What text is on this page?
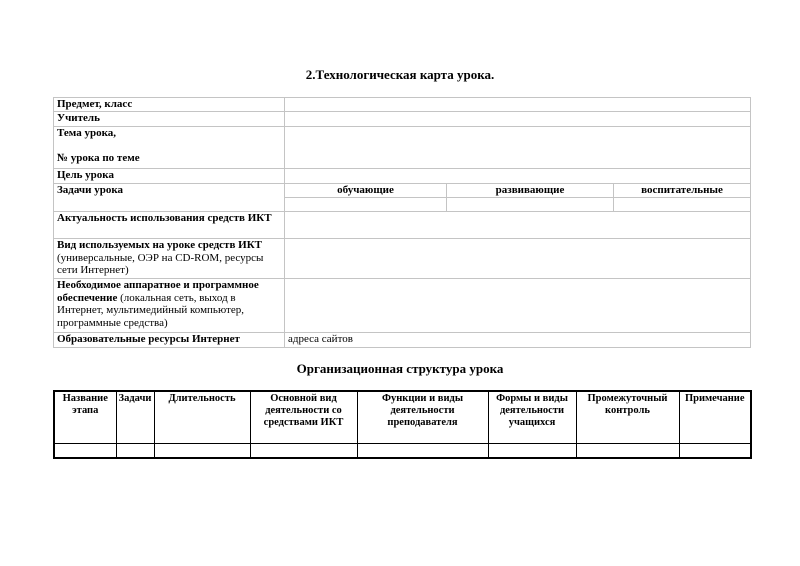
2.Технологическая карта урока.
Предмет, класс			
Учитель			
Тема урока,

№ урока по теме			
Цель урока			
Задачи урока	обучающие	развивающие	воспитательные

Актуальность использования средств ИКТ			
Вид используемых на уроке средств ИКТ
(универсальные, ОЭР на CD-ROM, ресурсы сети Интернет)			
Необходимое аппаратное и программное обеспечение (локальная сеть, выход в Интернет, мультимедийный компьютер, программные средства)			
Образовательные ресурсы Интернет	адреса сайтов		
Организационная структура урока
Название этапа	Задачи	Длительность	Основной вид деятельности со средствами ИКТ	Функции и виды деятельности преподавателя	Формы и виды деятельности учащихся	Промежуточный контроль	Примечание
